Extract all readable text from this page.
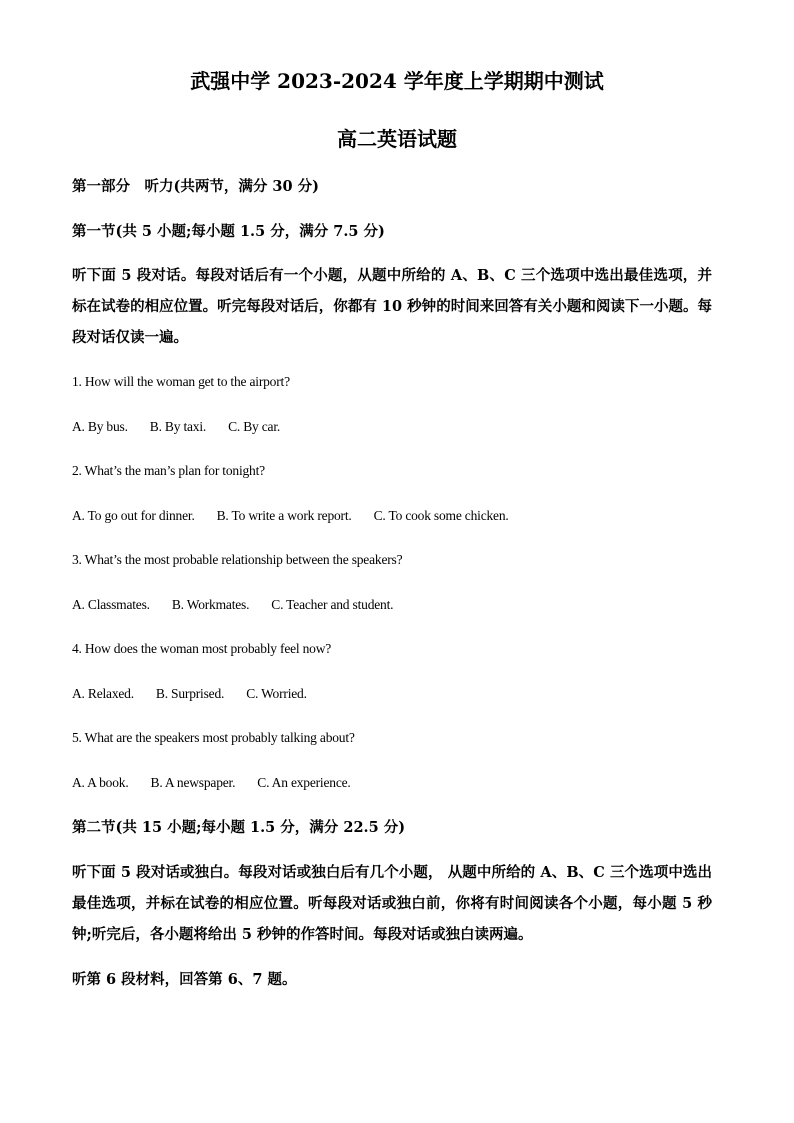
武强中学 2023-2024 学年度上学期期中测试
高二英语试题
第一部分　听力(共两节，满分 30 分)
第一节(共 5 小题;每小题 1.5 分，满分 7.5 分)
听下面 5 段对话。每段对话后有一个小题，从题中所给的 A、B、C 三个选项中选出最佳选项，并标在试卷的相应位置。听完每段对话后，你都有 10 秒钟的时间来回答有关小题和阅读下一小题。每段对话仅读一遍。
1. How will the woman get to the airport?
A. By bus. B. By taxi. C. By car.
2. What’s the man’s plan for tonight?
A. To go out for dinner. B. To write a work report. C. To cook some chicken.
3. What’s the most probable relationship between the speakers?
A. Classmates. B. Workmates. C. Teacher and student.
4. How does the woman most probably feel now?
A. Relaxed. B. Surprised. C. Worried.
5. What are the speakers most probably talking about?
A. A book. B. A newspaper. C. An experience.
第二节(共 15 小题;每小题 1.5 分，满分 22.5 分)
听下面 5 段对话或独白。每段对话或独白后有几个小题， 从题中所给的 A、B、C 三个选项中选出最佳选项，并标在试卷的相应位置。听每段对话或独白前，你将有时间阅读各个小题，每小题 5 秒钟;听完后，各小题将给出 5 秒钟的作答时间。每段对话或独白读两遍。
听第 6 段材料，回答第 6、7 题。
